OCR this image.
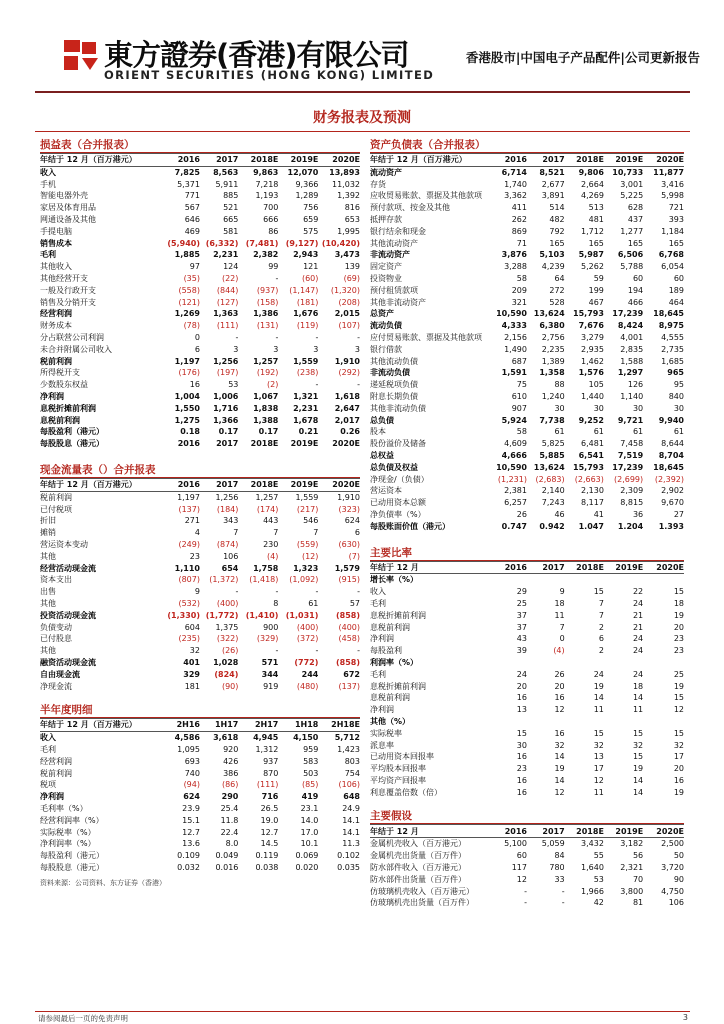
東方證券(香港)有限公司
ORIENT SECURITIES (HONG KONG) LIMITED
香港股市|中国电子产品配件|公司更新报告
财务报表及预测
损益表（合并报表）
年结于 12 月（百万港元）	2016	2017	2018E	2019E	2020E
收入	7,825	8,563	9,863	12,070	13,893
手机	5,371	5,911	7,218	9,366	11,032
智能电器外壳	771	885	1,193	1,289	1,392
家居及体育用品	567	521	700	756	816
网通设备及其他	646	665	666	659	653
手提电脑	469	581	86	575	1,995
销售成本	(5,940)	(6,332)	(7,481)	(9,127)	(10,420)
毛利	1,885	2,231	2,382	2,943	3,473
其他收入	97	124	99	121	139
其他经营开支	(35)	(22)	-	(60)	(69)
一般及行政开支	(558)	(844)	(937)	(1,147)	(1,320)
销售及分销开支	(121)	(127)	(158)	(181)	(208)
经营利润	1,269	1,363	1,386	1,676	2,015
财务成本	(78)	(111)	(131)	(119)	(107)
分占联营公司利润	0	-	-	-	-
未合并附属公司收入	6	3	3	3	3
税前利润	1,197	1,256	1,257	1,559	1,910
所得税开支	(176)	(197)	(192)	(238)	(292)
少数股东权益	16	53	(2)	-	-
净利润	1,004	1,006	1,067	1,321	1,618
息税折摊前利润	1,550	1,716	1,838	2,231	2,647
息税前利润	1,275	1,366	1,388	1,678	2,017
每股盈利（港元）	0.18	0.17	0.17	0.21	0.26
每股股息（港元）	2016	2017	2018E	2019E	2020E
现金流量表（）合并报表
年结于 12 月（百万港元）	2016	2017	2018E	2019E	2020E
税前利润	1,197	1,256	1,257	1,559	1,910
已付税项	(137)	(184)	(174)	(217)	(323)
折旧	271	343	443	546	624
摊销	4	7	7	7	6
营运资本变动	(249)	(874)	230	(559)	(630)
其他	23	106	(4)	(12)	(7)
经营活动现金流	1,110	654	1,758	1,323	1,579
资本支出	(807)	(1,372)	(1,418)	(1,092)	(915)
出售	9	-	-	-	-
其他	(532)	(400)	8	61	57
投资活动现金流	(1,330)	(1,772)	(1,410)	(1,031)	(858)
负债变动	604	1,375	900	(400)	(400)
已付股息	(235)	(322)	(329)	(372)	(458)
其他	32	(26)	-	-	-
融资活动现金流	401	1,028	571	(772)	(858)
自由现金流	329	(824)	344	244	672
净现金流	181	(90)	919	(480)	(137)
半年度明细
年结于 12 月（百万港元）	2H16	1H17	2H17	1H18	2H18E
收入	4,586	3,618	4,945	4,150	5,712
毛利	1,095	920	1,312	959	1,423
经营利润	693	426	937	583	803
税前利润	740	386	870	503	754
税项	(94)	(86)	(111)	(85)	(106)
净利润	624	290	716	419	648
毛利率（%）	23.9	25.4	26.5	23.1	24.9
经营利润率（%）	15.1	11.8	19.0	14.0	14.1
实际税率（%）	12.7	22.4	12.7	17.0	14.1
净利润率（%）	13.6	8.0	14.5	10.1	11.3
每股盈利（港元）	0.109	0.049	0.119	0.069	0.102
每股股息（港元）	0.032	0.016	0.038	0.020	0.035
资料来源：公司资料、东方证券（香港）
资产负债表（合并报表）
年结于 12 月（百万港元）	2016	2017	2018E	2019E	2020E
流动资产	6,714	8,521	9,806	10,733	11,877
存货	1,740	2,677	2,664	3,001	3,416
应收贸易账款、票据及其他款项	3,362	3,891	4,269	5,225	5,998
预付款项、按金及其他	411	514	513	628	721
抵押存款	262	482	481	437	393
银行结余和现金	869	792	1,712	1,277	1,184
其他流动资产	71	165	165	165	165
非流动资产	3,876	5,103	5,987	6,506	6,768
固定资产	3,288	4,239	5,262	5,788	6,054
投资物业	58	64	59	60	60
预付租赁款项	209	272	199	194	189
其他非流动资产	321	528	467	466	464
总资产	10,590	13,624	15,793	17,239	18,645
流动负债	4,333	6,380	7,676	8,424	8,975
应付贸易账款、票据及其他款项	2,156	2,756	3,279	4,001	4,555
银行借款	1,490	2,235	2,935	2,835	2,735
其他流动负债	687	1,389	1,462	1,588	1,685
非流动负债	1,591	1,358	1,576	1,297	965
递延税项负债	75	88	105	126	95
附息长期负债	610	1,240	1,440	1,140	840
其他非流动负债	907	30	30	30	30
总负债	5,924	7,738	9,252	9,721	9,940
股本	58	61	61	61	61
股份溢价及储备	4,609	5,825	6,481	7,458	8,644
总权益	4,666	5,885	6,541	7,519	8,704
总负债及权益	10,590	13,624	15,793	17,239	18,645
净现金/（负债）	(1,231)	(2,683)	(2,663)	(2,699)	(2,392)
营运资本	2,381	2,140	2,130	2,309	2,902
已动用资本总额	6,257	7,243	8,117	8,815	9,670
净负债率（%）	26	46	41	36	27
每股账面价值（港元）	0.747	0.942	1.047	1.204	1.393
主要比率
年结于 12 月	2016	2017	2018E	2019E	2020E
增长率（%）					
收入	29	9	15	22	15
毛利	25	18	7	24	18
息税折摊前利润	37	11	7	21	19
息税前利润	37	7	2	21	20
净利润	43	0	6	24	23
每股盈利	39	(4)	2	24	23
利润率（%）					
毛利	24	26	24	24	25
息税折摊前利润	20	20	19	18	19
息税前利润	16	16	14	14	15
净利润	13	12	11	11	12
其他（%）					
实际税率	15	16	15	15	15
派息率	30	32	32	32	32
已动用资本回报率	16	14	13	15	17
平均股本回报率	23	19	17	19	20
平均资产回报率	16	14	12	14	16
利息覆盖倍数（倍）	16	12	11	14	19
主要假设
年结于 12 月	2016	2017	2018E	2019E	2020E
金属机壳收入（百万港元）	5,100	5,059	3,432	3,182	2,500
金属机壳出货量（百万件）	60	84	55	56	50
防水部件收入（百万港元）	117	780	1,640	2,321	3,720
防水部件出货量（百万件）	12	33	53	70	90
仿玻璃机壳收入（百万港元）	-	-	1,966	3,800	4,750
仿玻璃机壳出货量（百万件）	-	-	42	81	106
请参阅最后一页的免责声明	3
